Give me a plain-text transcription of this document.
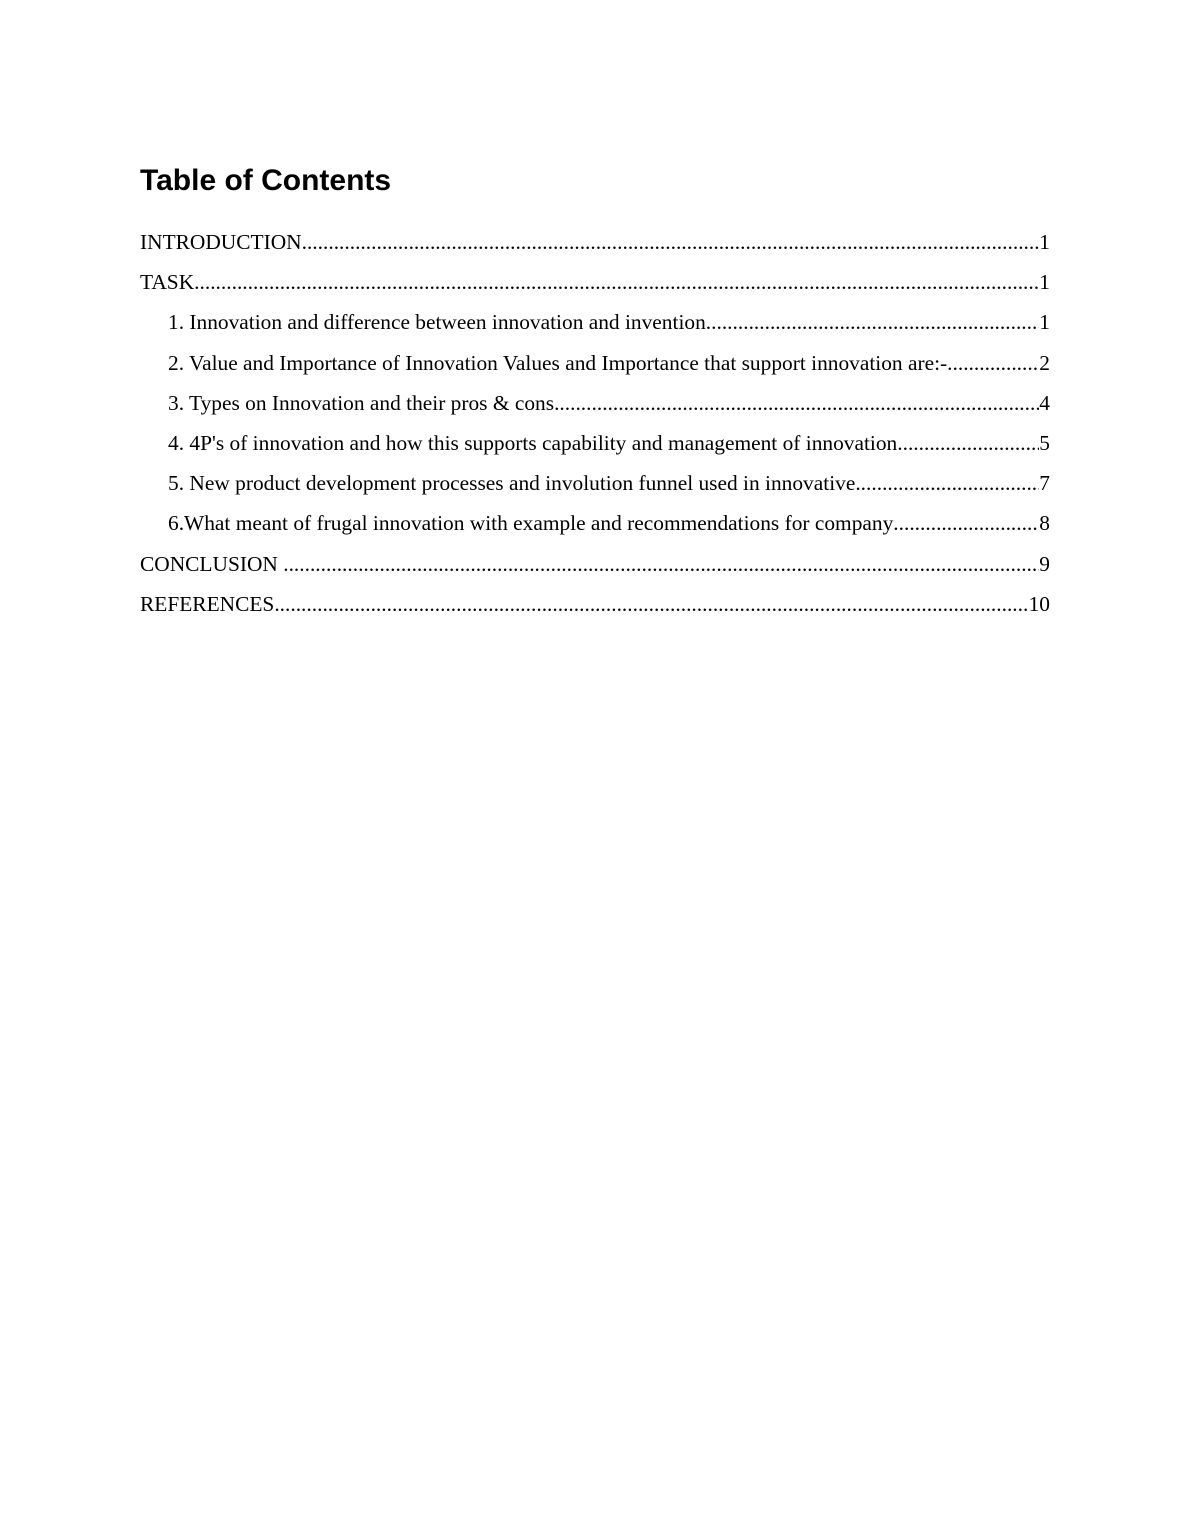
Table of Contents
INTRODUCTION .....	1
TASK .....	1
1. Innovation and difference between innovation and invention .....	1
2. Value and Importance of Innovation Values and Importance that support innovation are:-. .....	2
3. Types on Innovation and their pros & cons .....	4
4. 4P's of innovation and how this supports capability and management of innovation .....	5
5. New product development processes and involution funnel used in innovative .....	7
6.What meant of frugal innovation with example and recommendations for company .....	8
CONCLUSION .....	9
REFERENCES .....	10
